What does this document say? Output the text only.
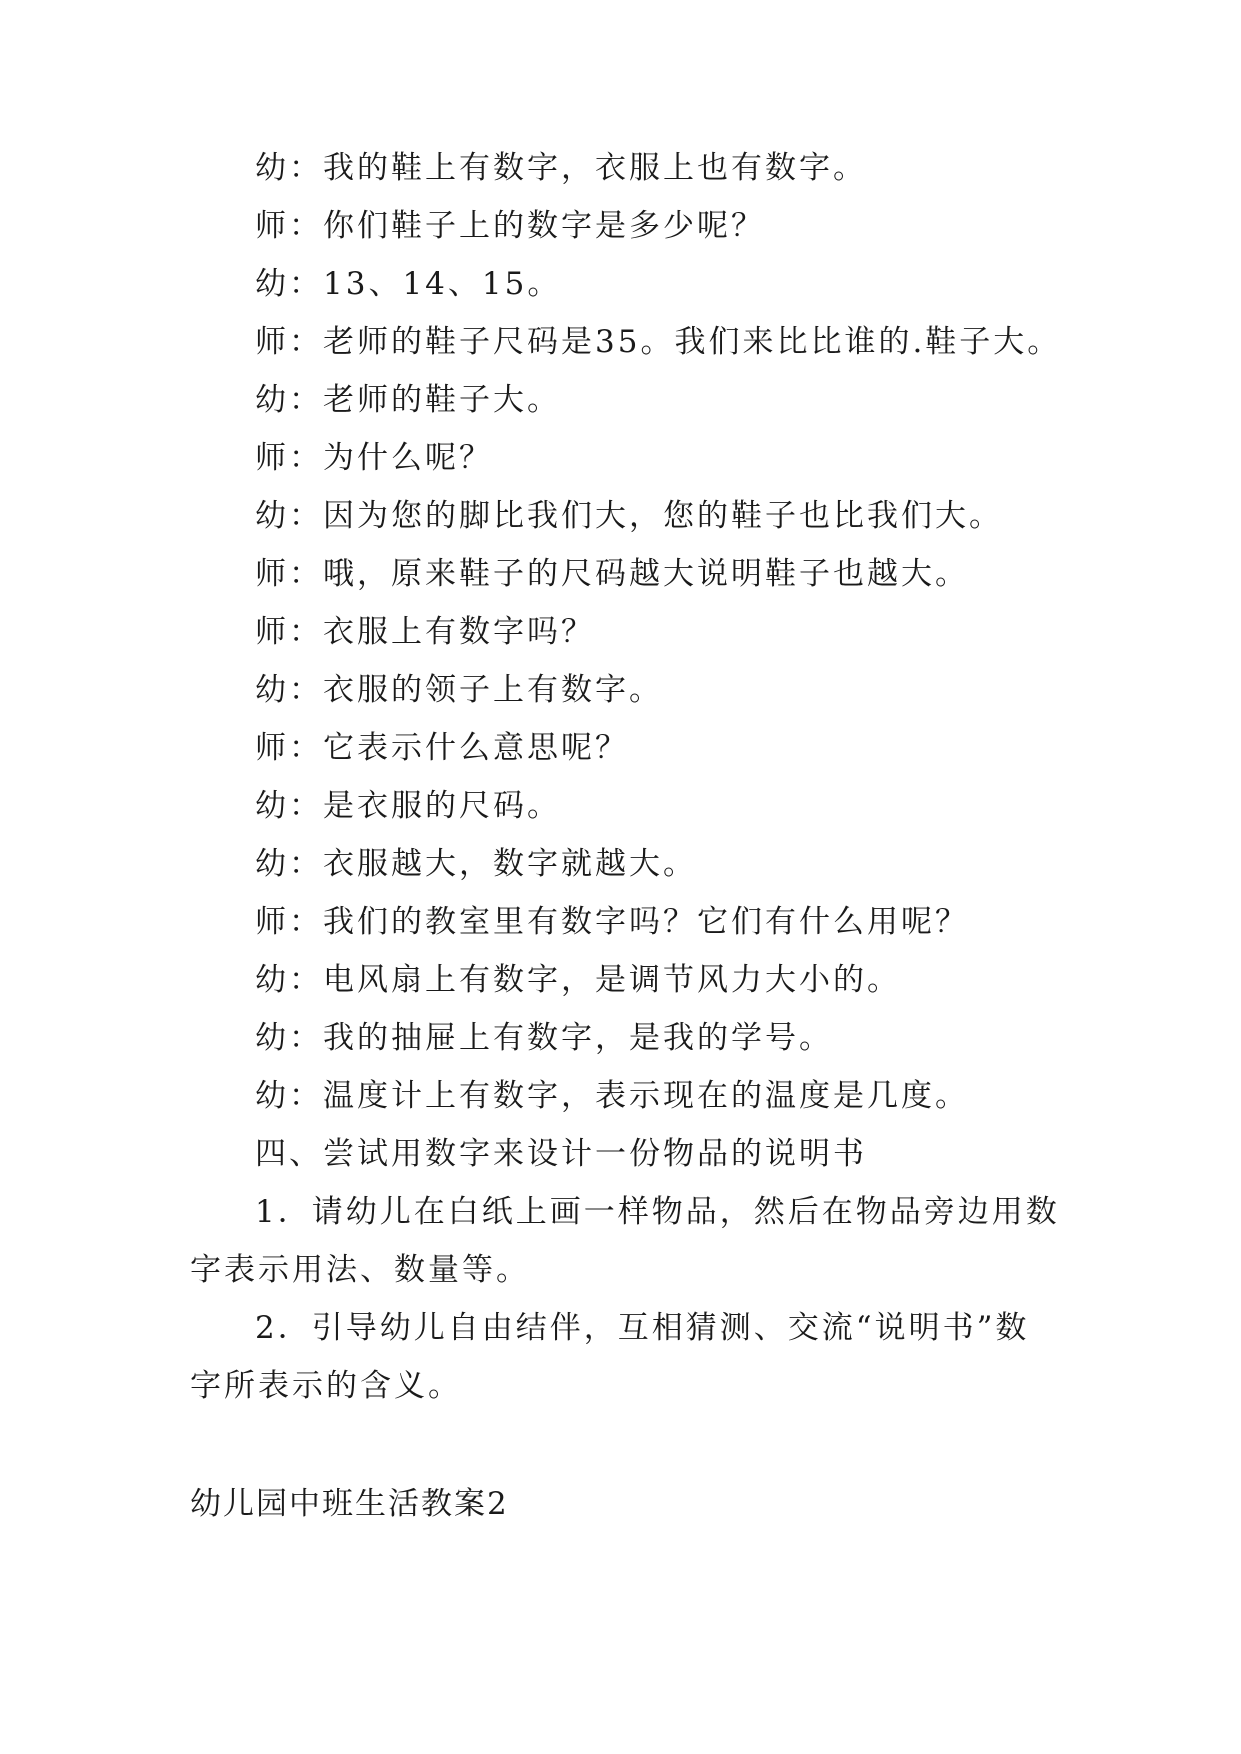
幼：我的鞋上有数字，衣服上也有数字。
师：你们鞋子上的数字是多少呢？
幼：13、14、15。
师：老师的鞋子尺码是35。我们来比比谁的.鞋子大。
幼：老师的鞋子大。
师：为什么呢？
幼：因为您的脚比我们大，您的鞋子也比我们大。
师：哦，原来鞋子的尺码越大说明鞋子也越大。
师：衣服上有数字吗？
幼：衣服的领子上有数字。
师：它表示什么意思呢？
幼：是衣服的尺码。
幼：衣服越大，数字就越大。
师：我们的教室里有数字吗？它们有什么用呢？
幼：电风扇上有数字，是调节风力大小的。
幼：我的抽屉上有数字，是我的学号。
幼：温度计上有数字，表示现在的温度是几度。
四、尝试用数字来设计一份物品的说明书
1．请幼儿在白纸上画一样物品，然后在物品旁边用数
字表示用法、数量等。
2．引导幼儿自由结伴，互相猜测、交流“说明书”数
字所表示的含义。
幼儿园中班生活教案2
